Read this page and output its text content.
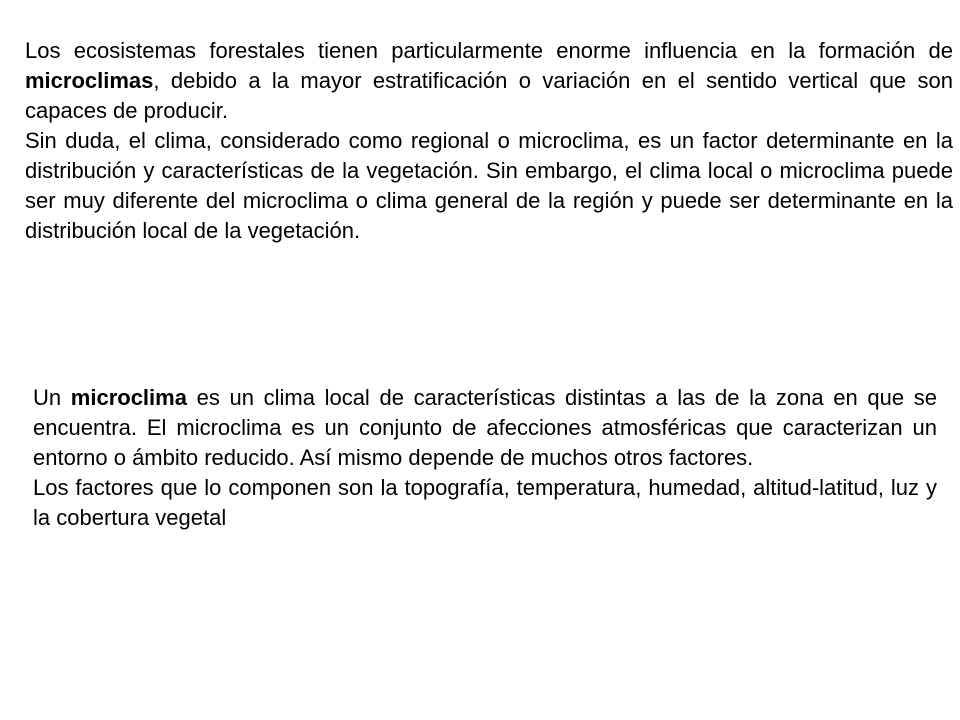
Los ecosistemas forestales tienen particularmente enorme influencia en la formación de microclimas, debido a la mayor estratificación o variación en el sentido vertical que son capaces de producir.

Sin duda, el clima, considerado como regional o microclima, es un factor determinante en la distribución y características de la vegetación. Sin embargo, el clima local o microclima puede ser muy diferente del microclima o clima general de la región y puede ser determinante en la distribución local de la vegetación.

Un microclima es un clima local de características distintas a las de la zona en que se encuentra. El microclima es un conjunto de afecciones atmosféricas que caracterizan un entorno o ámbito reducido. Así mismo depende de muchos otros factores.

Los factores que lo componen son la topografía, temperatura, humedad, altitud-latitud, luz y la cobertura vegetal
